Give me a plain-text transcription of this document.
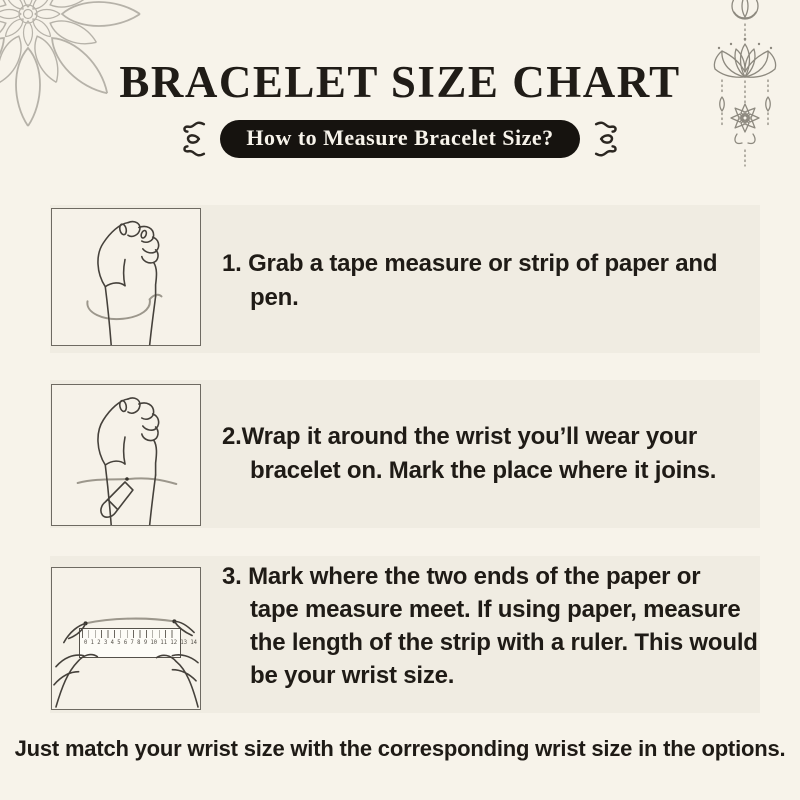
BRACELET SIZE CHART
How to Measure Bracelet Size?
0 1 2 3 4 5 6 7 8 9 10 11 12 13 14
1. Grab a tape measure or strip of paper and
pen.
2.Wrap it around the wrist you’ll wear your
bracelet on. Mark the place where it joins.
3. Mark where the two ends of the paper or
tape measure meet. If using paper, measure
the length of the strip with a ruler. This would
be your wrist size.
Just match your wrist size with the corresponding wrist size in the options.
